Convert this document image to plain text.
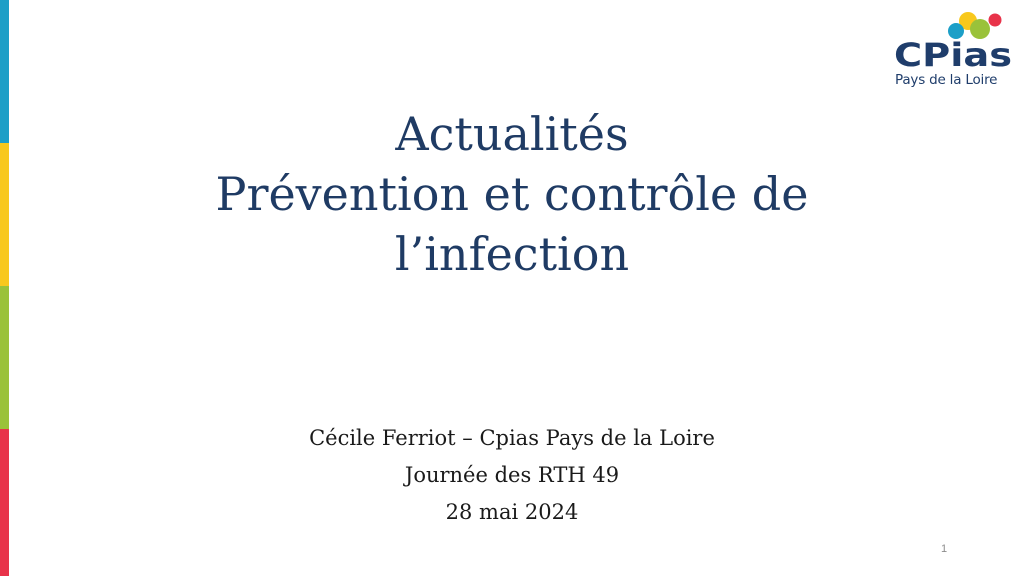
CPias
Pays de la Loire
Actualités
Prévention et contrôle de
l’infection
Cécile Ferriot – Cpias Pays de la Loire
Journée des RTH 49
28 mai 2024
1
